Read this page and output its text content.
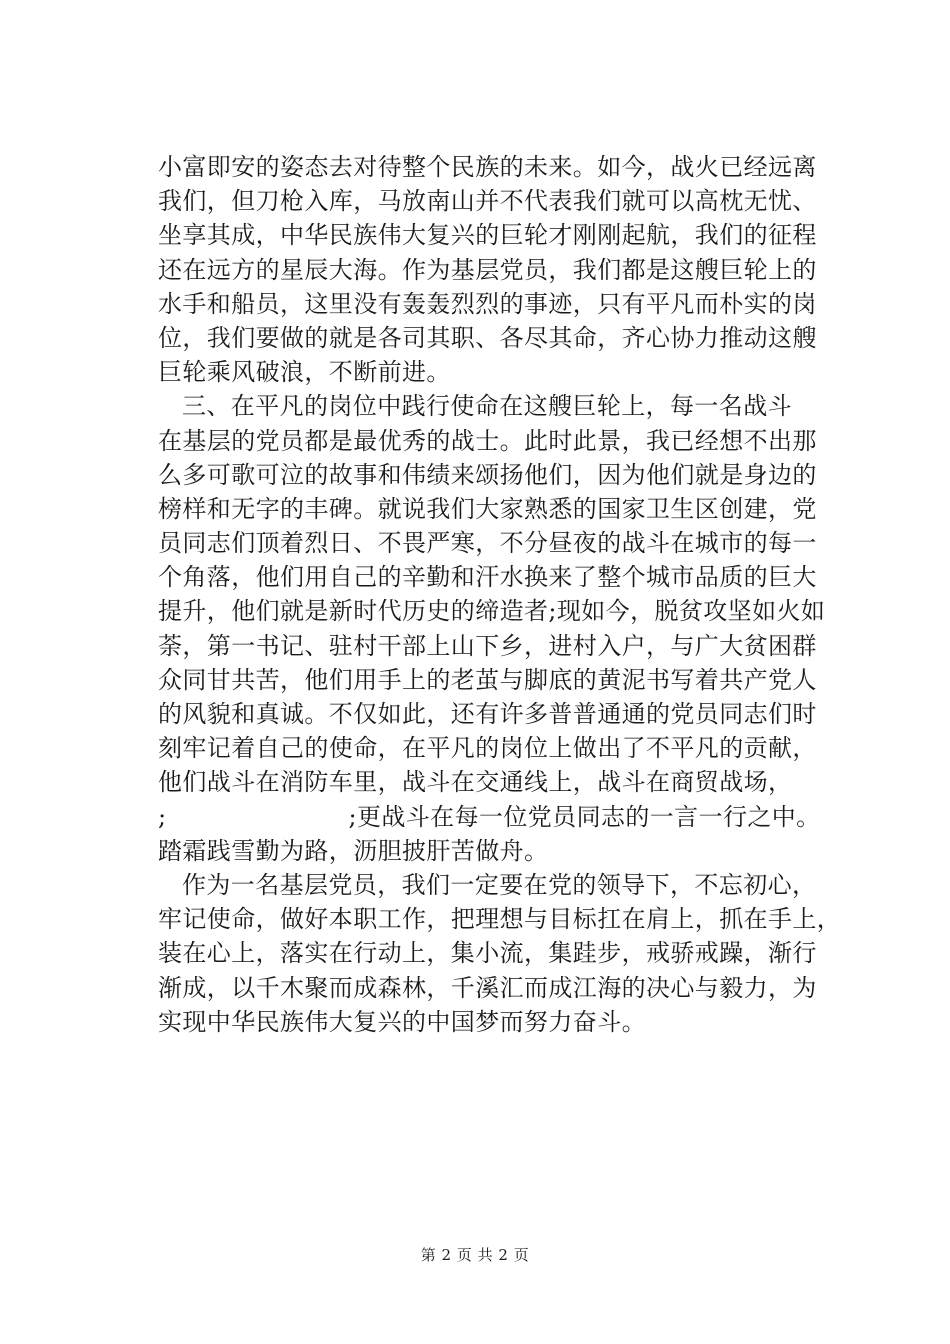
小富即安的姿态去对待整个民族的未来。如今，战火已经远离
我们，但刀枪入库，马放南山并不代表我们就可以高枕无忧、
坐享其成，中华民族伟大复兴的巨轮才刚刚起航，我们的征程
还在远方的星辰大海。作为基层党员，我们都是这艘巨轮上的
水手和船员，这里没有轰轰烈烈的事迹，只有平凡而朴实的岗
位，我们要做的就是各司其职、各尽其命，齐心协力推动这艘
巨轮乘风破浪，不断前进。
三、在平凡的岗位中践行使命在这艘巨轮上，每一名战斗
在基层的党员都是最优秀的战士。此时此景，我已经想不出那
么多可歌可泣的故事和伟绩来颂扬他们，因为他们就是身边的
榜样和无字的丰碑。就说我们大家熟悉的国家卫生区创建，党
员同志们顶着烈日、不畏严寒，不分昼夜的战斗在城市的每一
个角落，他们用自己的辛勤和汗水换来了整个城市品质的巨大
提升，他们就是新时代历史的缔造者;现如今，脱贫攻坚如火如
荼，第一书记、驻村干部上山下乡，进村入户，与广大贫困群
众同甘共苦，他们用手上的老茧与脚底的黄泥书写着共产党人
的风貌和真诚。不仅如此，还有许多普普通通的党员同志们时
刻牢记着自己的使命，在平凡的岗位上做出了不平凡的贡献，
他们战斗在消防车里，战斗在交通线上，战斗在商贸战场，
;	;更战斗在每一位党员同志的一言一行之中。
踏霜践雪勤为路，沥胆披肝苦做舟。
作为一名基层党员，我们一定要在党的领导下，不忘初心，
牢记使命，做好本职工作，把理想与目标扛在肩上，抓在手上，
装在心上，落实在行动上，集小流，集跬步，戒骄戒躁，渐行
渐成，以千木聚而成森林，千溪汇而成江海的决心与毅力，为
实现中华民族伟大复兴的中国梦而努力奋斗。
第 2 页 共 2 页
